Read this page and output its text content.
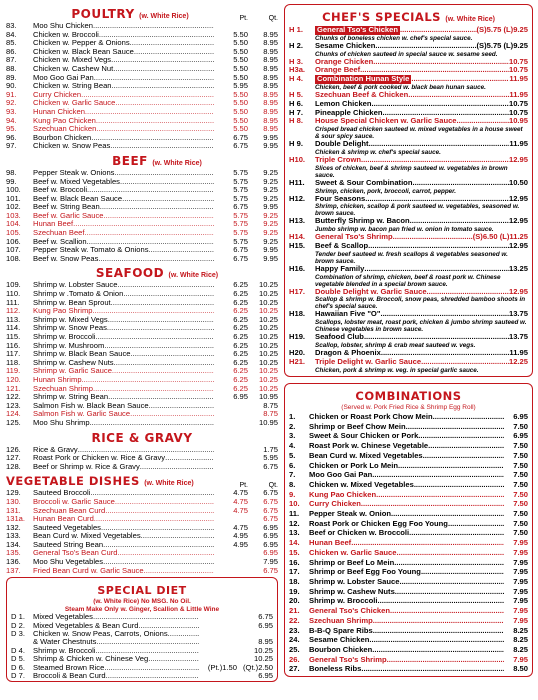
POULTRY (w. White Rice)	Pt.	Qt.
83.	Moo Shu Chicken
.....
84.	Chicken w. Broccoli .....	5.50	8.95
85.	Chicken w. Pepper & Onions .....	5.50	8.95
86.	Chicken w. Black Bean Sauce .....	5.50	8.95
87.	Chicken w. Mixed Vegs .....	5.50	8.95
88.	Chicken w. Cashew Nut .....	5.50	8.95
89.	Moo Goo Gai Pan .....	5.50	8.95
90.	Chicken w. String Bean .....	5.95	8.95
91.	Curry Chicken .....	5.50	8.95
92.	Chicken w. Garlic Sauce .....	5.50	8.95
93.	Hunan Chicken .....	5.50	8.95
94.	Kung Pao Chicken .....	5.50	8.95
95.	Szechuan Chicken .....	5.50	8.95
96.	Bourbon Chicken .....	6.75	9.95
97.	Chicken w. Snow Peas .....	6.75	9.95
BEEF (w. White Rice)
98.	Pepper Steak w. Onions .....	5.75	9.25
99.	Beef w. Mixed Vegetables .....	5.75	9.25
100.	Beef w. Broccoli .....	5.75	9.25
101.	Beef w. Black Bean Sauce .....	5.75	9.25
102.	Beef w. String Bean .....	6.75	9.95
103.	Beef w. Garlic Sauce .....	5.75	9.25
104.	Hunan Beef .....	5.75	9.25
105.	Szechuan Beef .....	5.75	9.25
106.	Beef w. Scallion .....	5.75	9.25
107.	Pepper Steak w. Tomato & Onions .....	6.75	9.95
108.	Beef w. Snow Peas .....	6.75	9.95
SEAFOOD (w. White Rice)
109.	Shrimp w. Lobster Sauce .....	6.25	10.25
110.	Shrimp w .Tomato & Onion .....	6.25	10.25
111.	Shrimp w. Bean Sprout .....	6.25	10.25
112.	Kung Pao Shrimp .....	6.25	10.25
113.	Shrimp w. Mixed Vegs .....	6.25	10.25
114.	Shrimp w. Snow Peas .....	6.25	10.25
115.	Shrimp w. Broccoli .....	6.25	10.25
116.	Shrimp w. Mushroom .....	6.25	10.25
117.	Shrimp w. Black Bean Sauce .....	6.25	10.25
118.	Shrimp w. Cashew Nuts .....	6.25	10.25
119.	Shrimp w. Garlic Sauce .....	6.25	10.25
120.	Hunan Shrimp .....	6.25	10.25
121.	Szechuan Shrimp .....	6.25	10.25
122.	Shrimp w. String Bean .....	6.95	10.95
123.	Salmon Fish w. Black Bean Sauce .....	8.75
124.	Salmon Fish w. Garlic Sauce .....	8.75
125.	Moo Shu Shrimp .....	10.95
RICE & GRAVY
126.	Rice & Gravy .....	1.75
127.	Roast Pork or Chicken w. Rice & Gravy .....	5.95
128.	Beef or Shrimp w. Rice & Gravy .....	6.75
VEGETABLE DISHES (w. White Rice)	Pt.	Qt.
129.	Sauteed Broccoli .....	4.75	6.75
130.	Broccoli w. Garlic Sauce .....	4.75	6.75
131.	Szechuan Bean Curd .....	4.75	6.75
131a.	Hunan Bean Curd .....	6.75
132.	Sauteed Vegetables .....	4.75	6.95
133.	Bean Curd w. Mixed Vegetables .....	4.95	6.95
134.	Sauteed String Bean .....	4.95	6.95
135.	General Tso's Bean Curd .....	6.95
136.	Moo Shu Vegetables .....	7.95
137.	Fried Bean Curd w. Garlic Sauce .....	6.75
SPECIAL DIET
(w. White Rice) No MSG. No Oil.
Steam Make Only w. Ginger, Scallion & Little Wine
D 1.	Mixed Vegetables .....	6.75
D 2.	Mixed Vegetables & Bean Curd .....	6.95
D 3.	Chicken w. Snow Peas, Carrots, Onions
.....
& Water Chestnuts .....	8.95
D 4.	Shrimp w. Broccoli .....	10.25
D 5.	Shrimp & Chicken w. Chinese Veg .....	10.25
D 6.	Steamed Brown Rice .....	(Pt.)1.50 (Qt.)2.50
D 7.	Broccoli & Bean Curd .....	6.95
CHEF'S SPECIALS (w. White Rice)
H 1.	General Tso's Chicken .....	(S)5.75 (L)9.25
Chunks of boneless chicken w. chef's special sauce.
H 2.	Sesame Chicken .....	(S)5.75 (L)9.25
Chunks of chicken sauteed in special sauce w. sesame seed.
H 3.	Orange Chicken .....	10.75
H3a.	Orange Beef .....	10.75
H 4.	Combination Hunan Style .....	11.95
Chicken, beef & pork cooked w. black bean hunan sauce.
H 5.	Szechuan Beef & Chicken .....	11.95
H 6.	Lemon Chicken .....	10.75
H 7.	Pineapple Chicken .....	10.75
H 8.	House Special Chicken w. Garlic Sauce .....	10.95
Crisped bread chicken sauteed w. mixed vegetables in a house sweet & sour spicy sauce.
H 9.	Double Delight .....	11.95
Chicken & shrimp w. chef's special sauce.
H10.	Triple Crown .....	12.95
Slices of chicken, beef & shrimp sauteed w. vegetables in brown sauce.
H11.	Sweet & Sour Combination .....	10.50
Shrimp, chicken, pork, broccoli, carrot, pepper.
H12.	Four Seasons .....	12.95
Shrimp, chicken, scallop & pork sauteed w. vegetables, seasoned w. brown sauce.
H13.	Butterfly Shrimp w. Bacon .....	12.95
Jumbo shrimp w. bacon pan fried w. onion in tomato sauce.
H14.	General Tso's Shrimp .....	(S)6.50 (L)11.25
H15.	Beef & Scallop .....	12.95
Tender beef sauteed w. fresh scallops & vegetables seasoned w. brown sauce.
H16.	Happy Family .....	13.25
Combination of shrimp, chicken, beef & roast pork w. Chinese vegetable blended in a special brown sauce.
H17.	Double Delight w. Garlic Sauce .....	12.95
Scallop & shrimp w. Broccoli, snow peas, shredded bamboo shoots in chef's special sauce.
H18.	Hawaiian Five "O" .....	13.75
Scallops, lobster meat, roast pork, chicken & jumbo shrimp sauteed w. Chinese vegetables in brown sauce.
H19.	Seafood Club .....	13.75
Scallop, lobster, shrimp & crab meat sauteed w. vegs.
H20.	Dragon & Phoenix .....	11.95
H21.	Triple Delight w. Garlic Sauce .....	12.25
Chicken, pork & shrimp w. veg. in special garlic sauce.
COMBINATIONS
(Served w. Pork Fried Rice & Shrimp Egg Roll)
1.	Chicken or Roast Pork Chow Mein .....	6.95
2.	Shrimp or Beef Chow Mein .....	7.50
3.	Sweet & Sour Chicken or Pork .....	6.95
4.	Roast Pork w. Chinese Vegetable .....	7.50
5.	Bean Curd w. Mixed Vegetables .....	7.50
6.	Chicken or Pork Lo Mein .....	7.50
7.	Moo Goo Gai Pan .....	7.50
8.	Chicken w. Mixed Vegetables .....	7.50
9.	Kung Pao Chicken .....	7.50
10.	Curry Chicken .....	7.50
11.	Pepper Steak w. Onion .....	7.50
12.	Roast Pork or Chicken Egg Foo Young .....	7.50
13.	Beef or Chicken w. Broccoli .....	7.50
14.	Hunan Beef .....	7.95
15.	Chicken w. Garlic Sauce .....	7.95
16.	Shrimp or Beef Lo Mein .....	7.95
17.	Shrimp or Beef Egg Foo Young .....	7.95
18.	Shrimp w. Lobster Sauce .....	7.95
19.	Shrimp w. Cashew Nuts .....	7.95
20.	Shrimp w. Broccoli .....	7.95
21.	General Tso's Chicken .....	7.95
22.	Szechuan Shrimp .....	7.95
23.	B-B-Q Spare Ribs .....	8.25
24.	Sesame Chicken .....	8.25
25.	Bourbon Chicken .....	8.25
26.	General Tso's Shrimp .....	7.95
27.	Boneless Ribs .....	8.50
